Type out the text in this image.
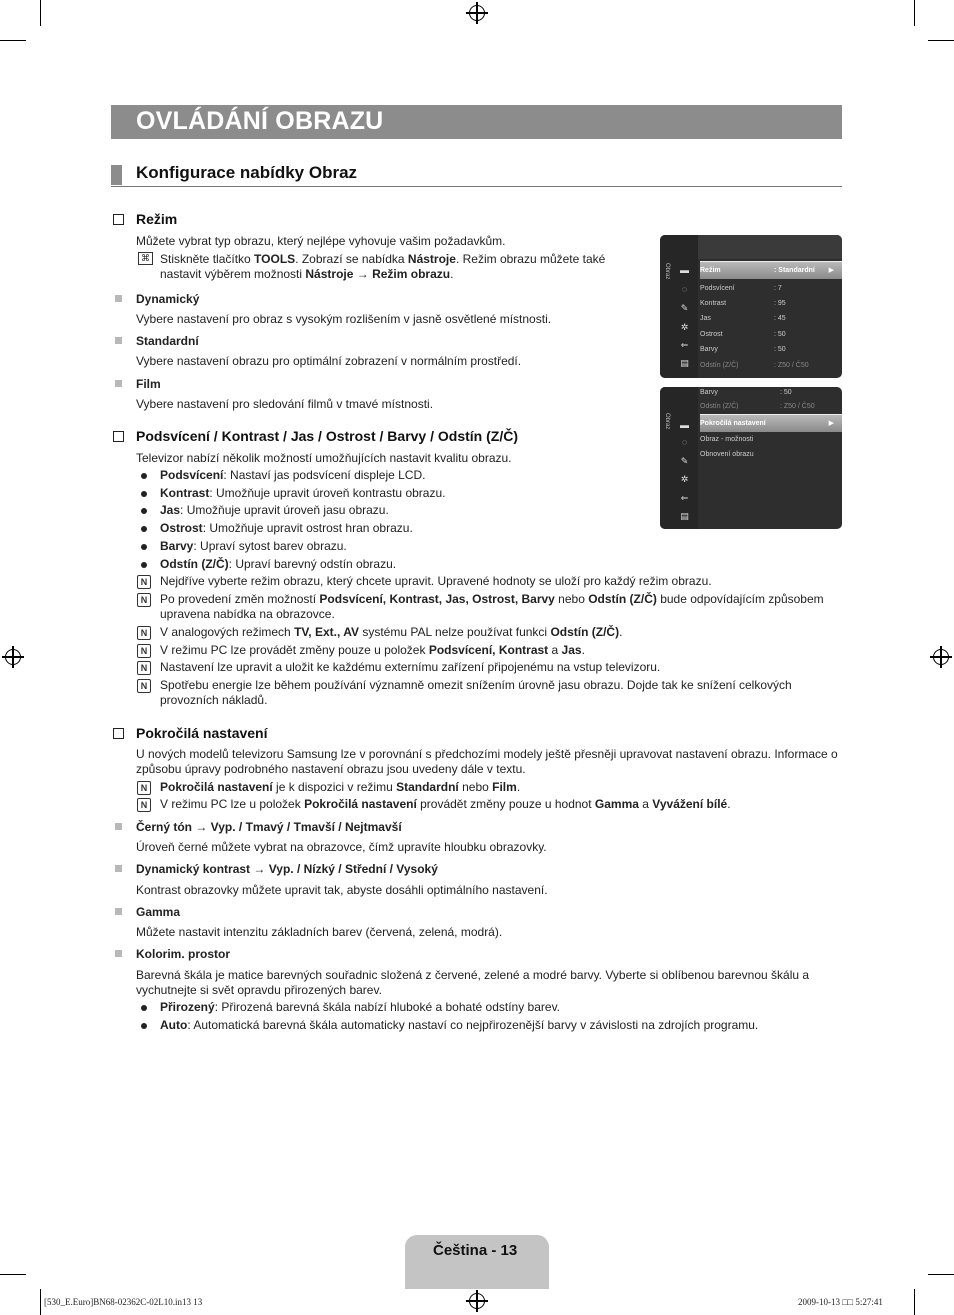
OVLÁDÁNÍ OBRAZU
Konfigurace nabídky Obraz
Režim
Můžete vybrat typ obrazu, který nejlépe vyhovuje vašim požadavkům.
⌘ Stiskněte tlačítko TOOLS. Zobrazí se nabídka Nástroje. Režim obrazu můžete také nastavit výběrem možnosti Nástroje → Režim obrazu.
Dynamický
Vybere nastavení pro obraz s vysokým rozlišením v jasně osvětlené místnosti.
Standardní
Vybere nastavení obrazu pro optimální zobrazení v normálním prostředí.
Film
Vybere nastavení pro sledování filmů v tmavé místnosti.
Obraz ▬
◌
✎
✲
⇐
▤
Režim	: Standardní ▶
Podsvícení	: 7
Kontrast	: 95
Jas	: 45
Ostrost	: 50
Barvy	: 50
Odstín (Z/Č)	: Z50 / Č50
Obraz ▬
◌
✎
✲
⇐
▤
Barvy	: 50
Odstín (Z/Č)	: Z50 / Č50
Pokročilá nastavení	▶
Obraz - možnosti
Obnovení obrazu
Podsvícení / Kontrast / Jas / Ostrost / Barvy / Odstín (Z/Č)
Televizor nabízí několik možností umožňujících nastavit kvalitu obrazu.
Podsvícení: Nastaví jas podsvícení displeje LCD.
Kontrast: Umožňuje upravit úroveň kontrastu obrazu.
Jas: Umožňuje upravit úroveň jasu obrazu.
Ostrost: Umožňuje upravit ostrost hran obrazu.
Barvy: Upraví sytost barev obrazu.
Odstín (Z/Č): Upraví barevný odstín obrazu.
N	Nejdříve vyberte režim obrazu, který chcete upravit. Upravené hodnoty se uloží pro každý režim obrazu.
N	Po provedení změn možností Podsvícení, Kontrast, Jas, Ostrost, Barvy nebo Odstín (Z/Č) bude odpovídajícím způsobem upravena nabídka na obrazovce.
N	V analogových režimech TV, Ext., AV systému PAL nelze používat funkci Odstín (Z/Č).
N	V režimu PC lze provádět změny pouze u položek Podsvícení, Kontrast a Jas.
N	Nastavení lze upravit a uložit ke každému externímu zařízení připojenému na vstup televizoru.
N	Spotřebu energie lze během používání významně omezit snížením úrovně jasu obrazu. Dojde tak ke snížení celkových provozních nákladů.
Pokročilá nastavení
U nových modelů televizoru Samsung lze v porovnání s předchozími modely ještě přesněji upravovat nastavení obrazu. Informace o způsobu úpravy podrobného nastavení obrazu jsou uvedeny dále v textu.
N	Pokročilá nastavení je k dispozici v režimu Standardní nebo Film.
N	V režimu PC lze u položek Pokročilá nastavení provádět změny pouze u hodnot Gamma a Vyvážení bílé.
Černý tón → Vyp. / Tmavý / Tmavší / Nejtmavší
Úroveň černé můžete vybrat na obrazovce, čímž upravíte hloubku obrazovky.
Dynamický kontrast → Vyp. / Nízký / Střední / Vysoký
Kontrast obrazovky můžete upravit tak, abyste dosáhli optimálního nastavení.
Gamma
Můžete nastavit intenzitu základních barev (červená, zelená, modrá).
Kolorim. prostor
Barevná škála je matice barevných souřadnic složená z červené, zelené a modré barvy. Vyberte si oblíbenou barevnou škálu a vychutnejte si svět opravdu přirozených barev.
Přirozený: Přirozená barevná škála nabízí hluboké a bohaté odstíny barev.
Auto: Automatická barevná škála automaticky nastaví co nejpřirozenější barvy v závislosti na zdrojích programu.
Čeština - 13
[530_E.Euro]BN68-02362C-02L10.in13 13	2009-10-13 □□ 5:27:41
